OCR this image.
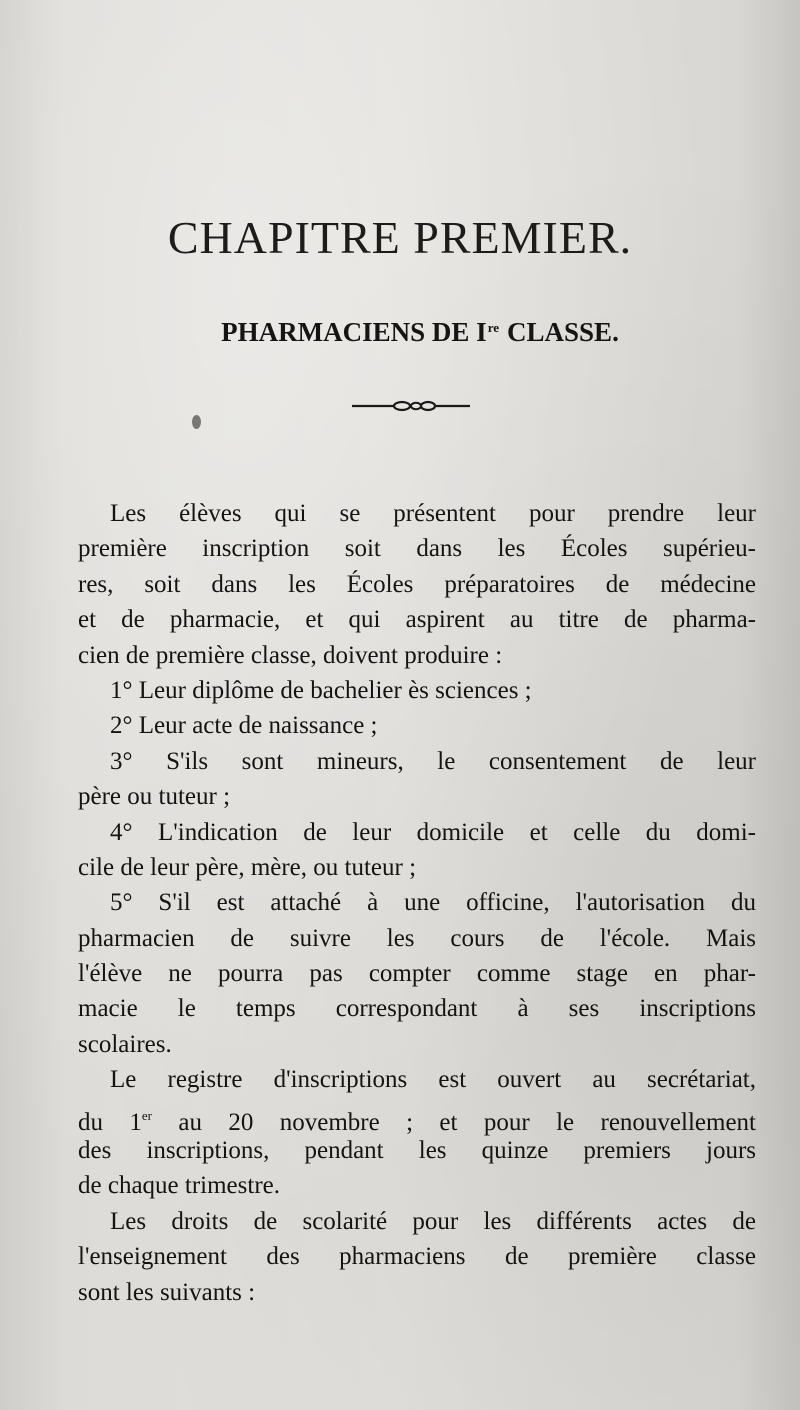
CHAPITRE PREMIER.
PHARMACIENS DE Ire CLASSE.
Les élèves qui se présentent pour prendre leur
première inscription soit dans les Écoles supérieu-
res, soit dans les Écoles préparatoires de médecine
et de pharmacie, et qui aspirent au titre de pharma-
cien de première classe, doivent produire :
1° Leur diplôme de bachelier ès sciences ;
2° Leur acte de naissance ;
3° S'ils sont mineurs, le consentement de leur
père ou tuteur ;
4° L'indication de leur domicile et celle du domi-
cile de leur père, mère, ou tuteur ;
5° S'il est attaché à une officine, l'autorisation du
pharmacien de suivre les cours de l'école. Mais
l'élève ne pourra pas compter comme stage en phar-
macie le temps correspondant à ses inscriptions
scolaires.
Le registre d'inscriptions est ouvert au secrétariat,
du 1er au 20 novembre ; et pour le renouvellement
des inscriptions, pendant les quinze premiers jours
de chaque trimestre.
Les droits de scolarité pour les différents actes de
l'enseignement des pharmaciens de première classe
sont les suivants :
